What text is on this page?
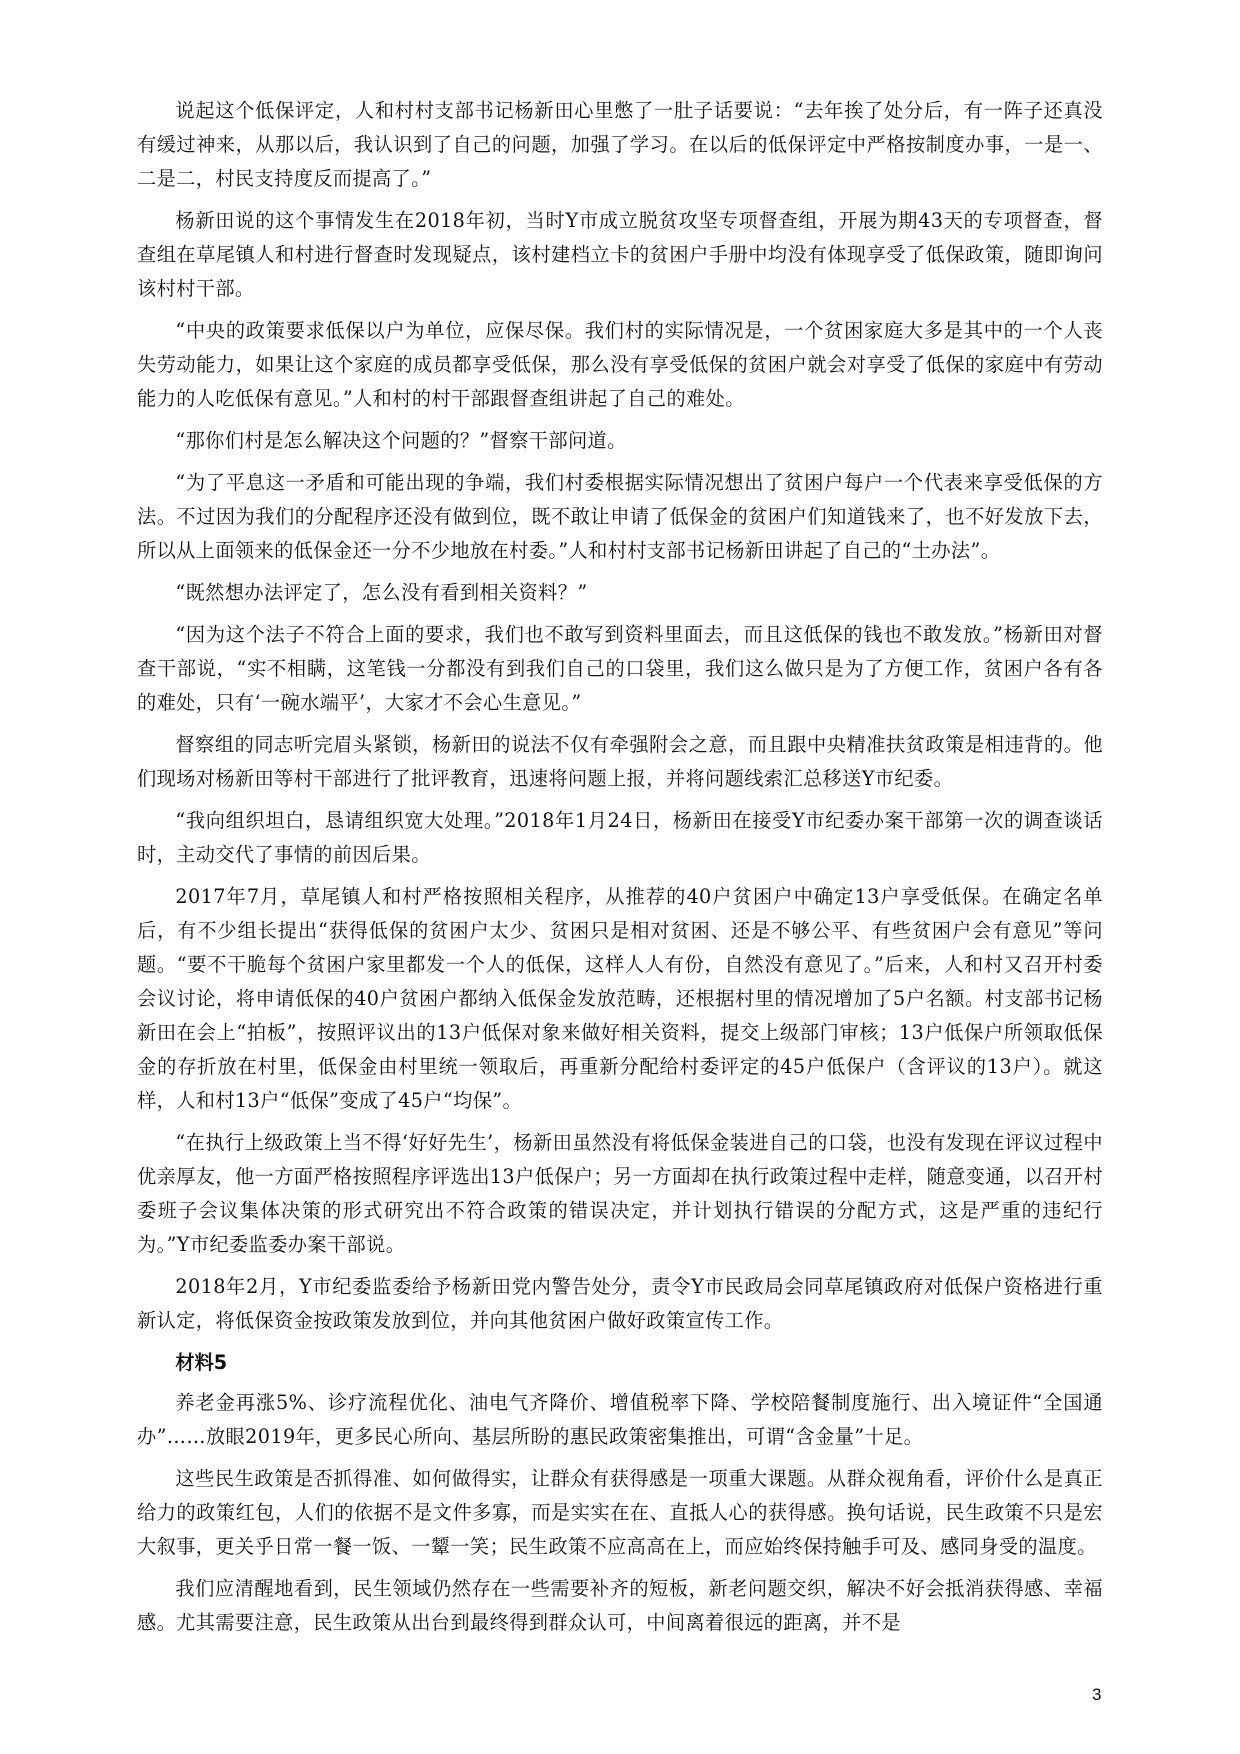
说起这个低保评定，人和村村支部书记杨新田心里憋了一肚子话要说：“去年挨了处分后，有一阵子还真没有缓过神来，从那以后，我认识到了自己的问题，加强了学习。在以后的低保评定中严格按制度办事，一是一、二是二，村民支持度反而提高了。”

杨新田说的这个事情发生在2018年初，当时Y市成立脱贫攻坚专项督查组，开展为期43天的专项督查，督查组在草尾镇人和村进行督查时发现疑点，该村建档立卡的贫困户手册中均没有体现享受了低保政策，随即询问该村村干部。

“中央的政策要求低保以户为单位，应保尽保。我们村的实际情况是，一个贫困家庭大多是其中的一个人丧失劳动能力，如果让这个家庭的成员都享受低保，那么没有享受低保的贫困户就会对享受了低保的家庭中有劳动能力的人吃低保有意见。”人和村的村干部跟督查组讲起了自己的难处。

“那你们村是怎么解决这个问题的？”督察干部问道。

“为了平息这一矛盾和可能出现的争端，我们村委根据实际情况想出了贫困户每户一个代表来享受低保的方法。不过因为我们的分配程序还没有做到位，既不敢让申请了低保金的贫困户们知道钱来了，也不好发放下去，所以从上面领来的低保金还一分不少地放在村委。”人和村村支部书记杨新田讲起了自己的“土办法”。

“既然想办法评定了，怎么没有看到相关资料？”

“因为这个法子不符合上面的要求，我们也不敢写到资料里面去，而且这低保的钱也不敢发放。”杨新田对督查干部说，“实不相瞒，这笔钱一分都没有到我们自己的口袋里，我们这么做只是为了方便工作，贫困户各有各的难处，只有‘一碗水端平’，大家才不会心生意见。”

督察组的同志听完眉头紧锁，杨新田的说法不仅有牵强附会之意，而且跟中央精准扶贫政策是相违背的。他们现场对杨新田等村干部进行了批评教育，迅速将问题上报，并将问题线索汇总移送Y市纪委。

“我向组织坦白，恳请组织宽大处理。”2018年1月24日，杨新田在接受Y市纪委办案干部第一次的调查谈话时，主动交代了事情的前因后果。

2017年7月，草尾镇人和村严格按照相关程序，从推荐的40户贫困户中确定13户享受低保。在确定名单后，有不少组长提出“获得低保的贫困户太少、贫困只是相对贫困、还是不够公平、有些贫困户会有意见”等问题。“要不干脆每个贫困户家里都发一个人的低保，这样人人有份，自然没有意见了。”后来，人和村又召开村委会议讨论，将申请低保的40户贫困户都纳入低保金发放范畴，还根据村里的情况增加了5户名额。村支部书记杨新田在会上“拍板”，按照评议出的13户低保对象来做好相关资料，提交上级部门审核；13户低保户所领取低保金的存折放在村里，低保金由村里统一领取后，再重新分配给村委评定的45户低保户（含评议的13户）。就这样，人和村13户“低保”变成了45户“均保”。

“在执行上级政策上当不得‘好好先生’，杨新田虽然没有将低保金装进自己的口袋，也没有发现在评议过程中优亲厚友，他一方面严格按照程序评选出13户低保户；另一方面却在执行政策过程中走样，随意变通，以召开村委班子会议集体决策的形式研究出不符合政策的错误决定，并计划执行错误的分配方式，这是严重的违纪行为。”Y市纪委监委办案干部说。

2018年2月，Y市纪委监委给予杨新田党内警告处分，责令Y市民政局会同草尾镇政府对低保户资格进行重新认定，将低保资金按政策发放到位，并向其他贫困户做好政策宣传工作。

材料5

养老金再涨5%、诊疗流程优化、油电气齐降价、增值税率下降、学校陪餐制度施行、出入境证件“全国通办”……放眼2019年，更多民心所向、基层所盼的惠民政策密集推出，可谓“含金量”十足。

这些民生政策是否抓得准、如何做得实，让群众有获得感是一项重大课题。从群众视角看，评价什么是真正给力的政策红包，人们的依据不是文件多寡，而是实实在在、直抵人心的获得感。换句话说，民生政策不只是宏大叙事，更关乎日常一餐一饭、一颦一笑；民生政策不应高高在上，而应始终保持触手可及、感同身受的温度。

我们应清醒地看到，民生领域仍然存在一些需要补齐的短板，新老问题交织，解决不好会抵消获得感、幸福感。尤其需要注意，民生政策从出台到最终得到群众认可，中间离着很远的距离，并不是

3
